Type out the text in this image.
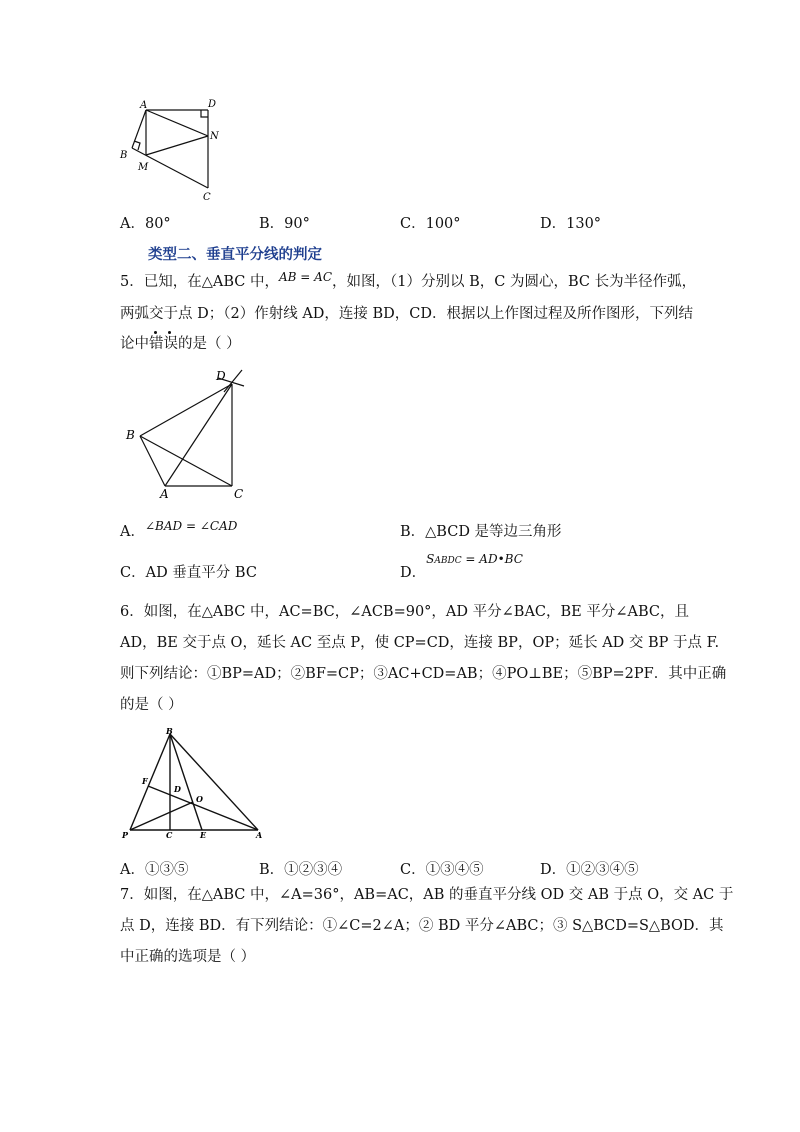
A	D
N
B
M
C
A．80°	B．90°	C．100°	D．130°
类型二、垂直平分线的判定
5．已知，在△ABC 中，$^{AB = AC}$，如图，（1）分别以 B，C 为圆心，BC 长为半径作弧，
两弧交于点 D；（2）作射线 AD，连接 BD，CD．根据以上作图过程及所作图形，下列结
论中错误的是（ ）
D
B
A	C
A．$^{\angle BAD = \angle CAD}$	B．△BCD 是等边三角形
C．AD 垂直平分 BC	D．$^{SABDC = AD•BC}$
6．如图，在△ABC 中，AC=BC，∠ACB=90°，AD 平分∠BAC，BE 平分∠ABC，且
AD，BE 交于点 O，延长 AC 至点 P，使 CP=CD，连接 BP，OP；延长 AD 交 BP 于点 F.
则下列结论：①BP=AD；②BF=CP；③AC+CD=AB；④PO⊥BE；⑤BP=2PF．其中正确
的是（ ）
B
F
D
O
P	C	E	A
A．①③⑤	B．①②③④	C．①③④⑤	D．①②③④⑤
7．如图，在△ABC 中，∠A=36°，AB=AC，AB 的垂直平分线 OD 交 AB 于点 O，交 AC 于
点 D，连接 BD．有下列结论：①∠C=2∠A；② BD 平分∠ABC；③ S△BCD=S△BOD．其
中正确的选项是（ ）
